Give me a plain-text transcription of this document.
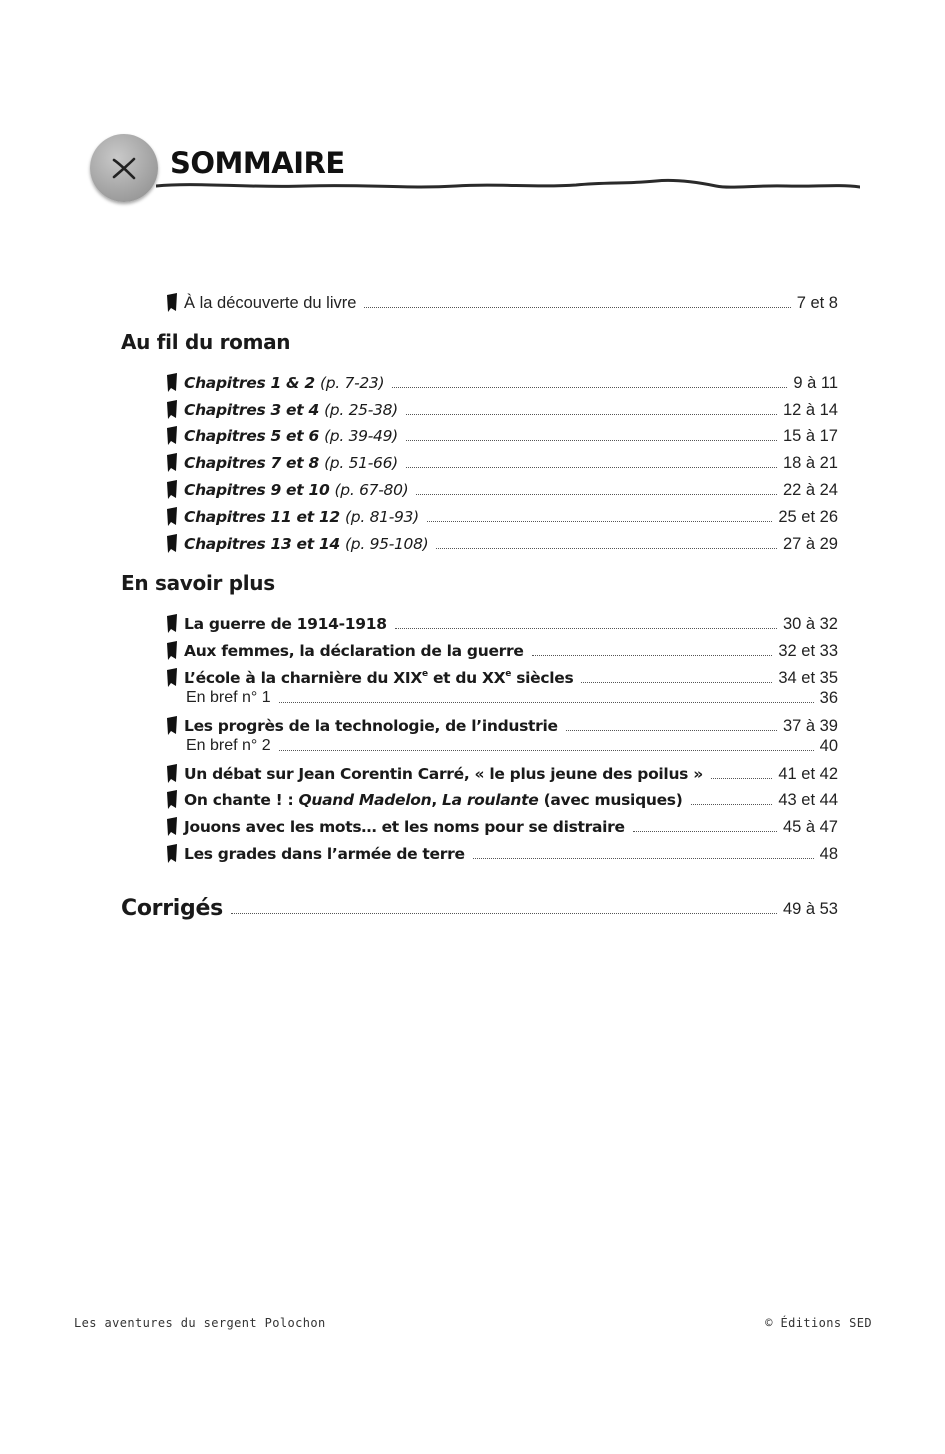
SOMMAIRE
À la découverte du livre	7 et 8
Au fil du roman
Chapitres 1 & 2 (p. 7-23)	9 à 11
Chapitres 3 et 4 (p. 25-38)	12 à 14
Chapitres 5 et 6 (p. 39-49)	15 à 17
Chapitres 7 et 8 (p. 51-66)	18 à 21
Chapitres 9 et 10 (p. 67-80)	22 à 24
Chapitres 11 et 12 (p. 81-93)	25 et 26
Chapitres 13 et 14 (p. 95-108)	27 à 29
En savoir plus
La guerre de 1914-1918	30 à 32
Aux femmes, la déclaration de la guerre	32 et 33
L’école à la charnière du XIXe et du XXe siècles	34 et 35
En bref n° 1	36
Les progrès de la technologie, de l’industrie	37 à 39
En bref n° 2	40
Un débat sur Jean Corentin Carré, « le plus jeune des poilus »	41 et 42
On chante ! : Quand Madelon, La roulante (avec musiques)	43 et 44
Jouons avec les mots… et les noms pour se distraire	45 à 47
Les grades dans l’armée de terre	48
Corrigés	49 à 53
Les aventures du sergent Polochon	© Éditions SED
